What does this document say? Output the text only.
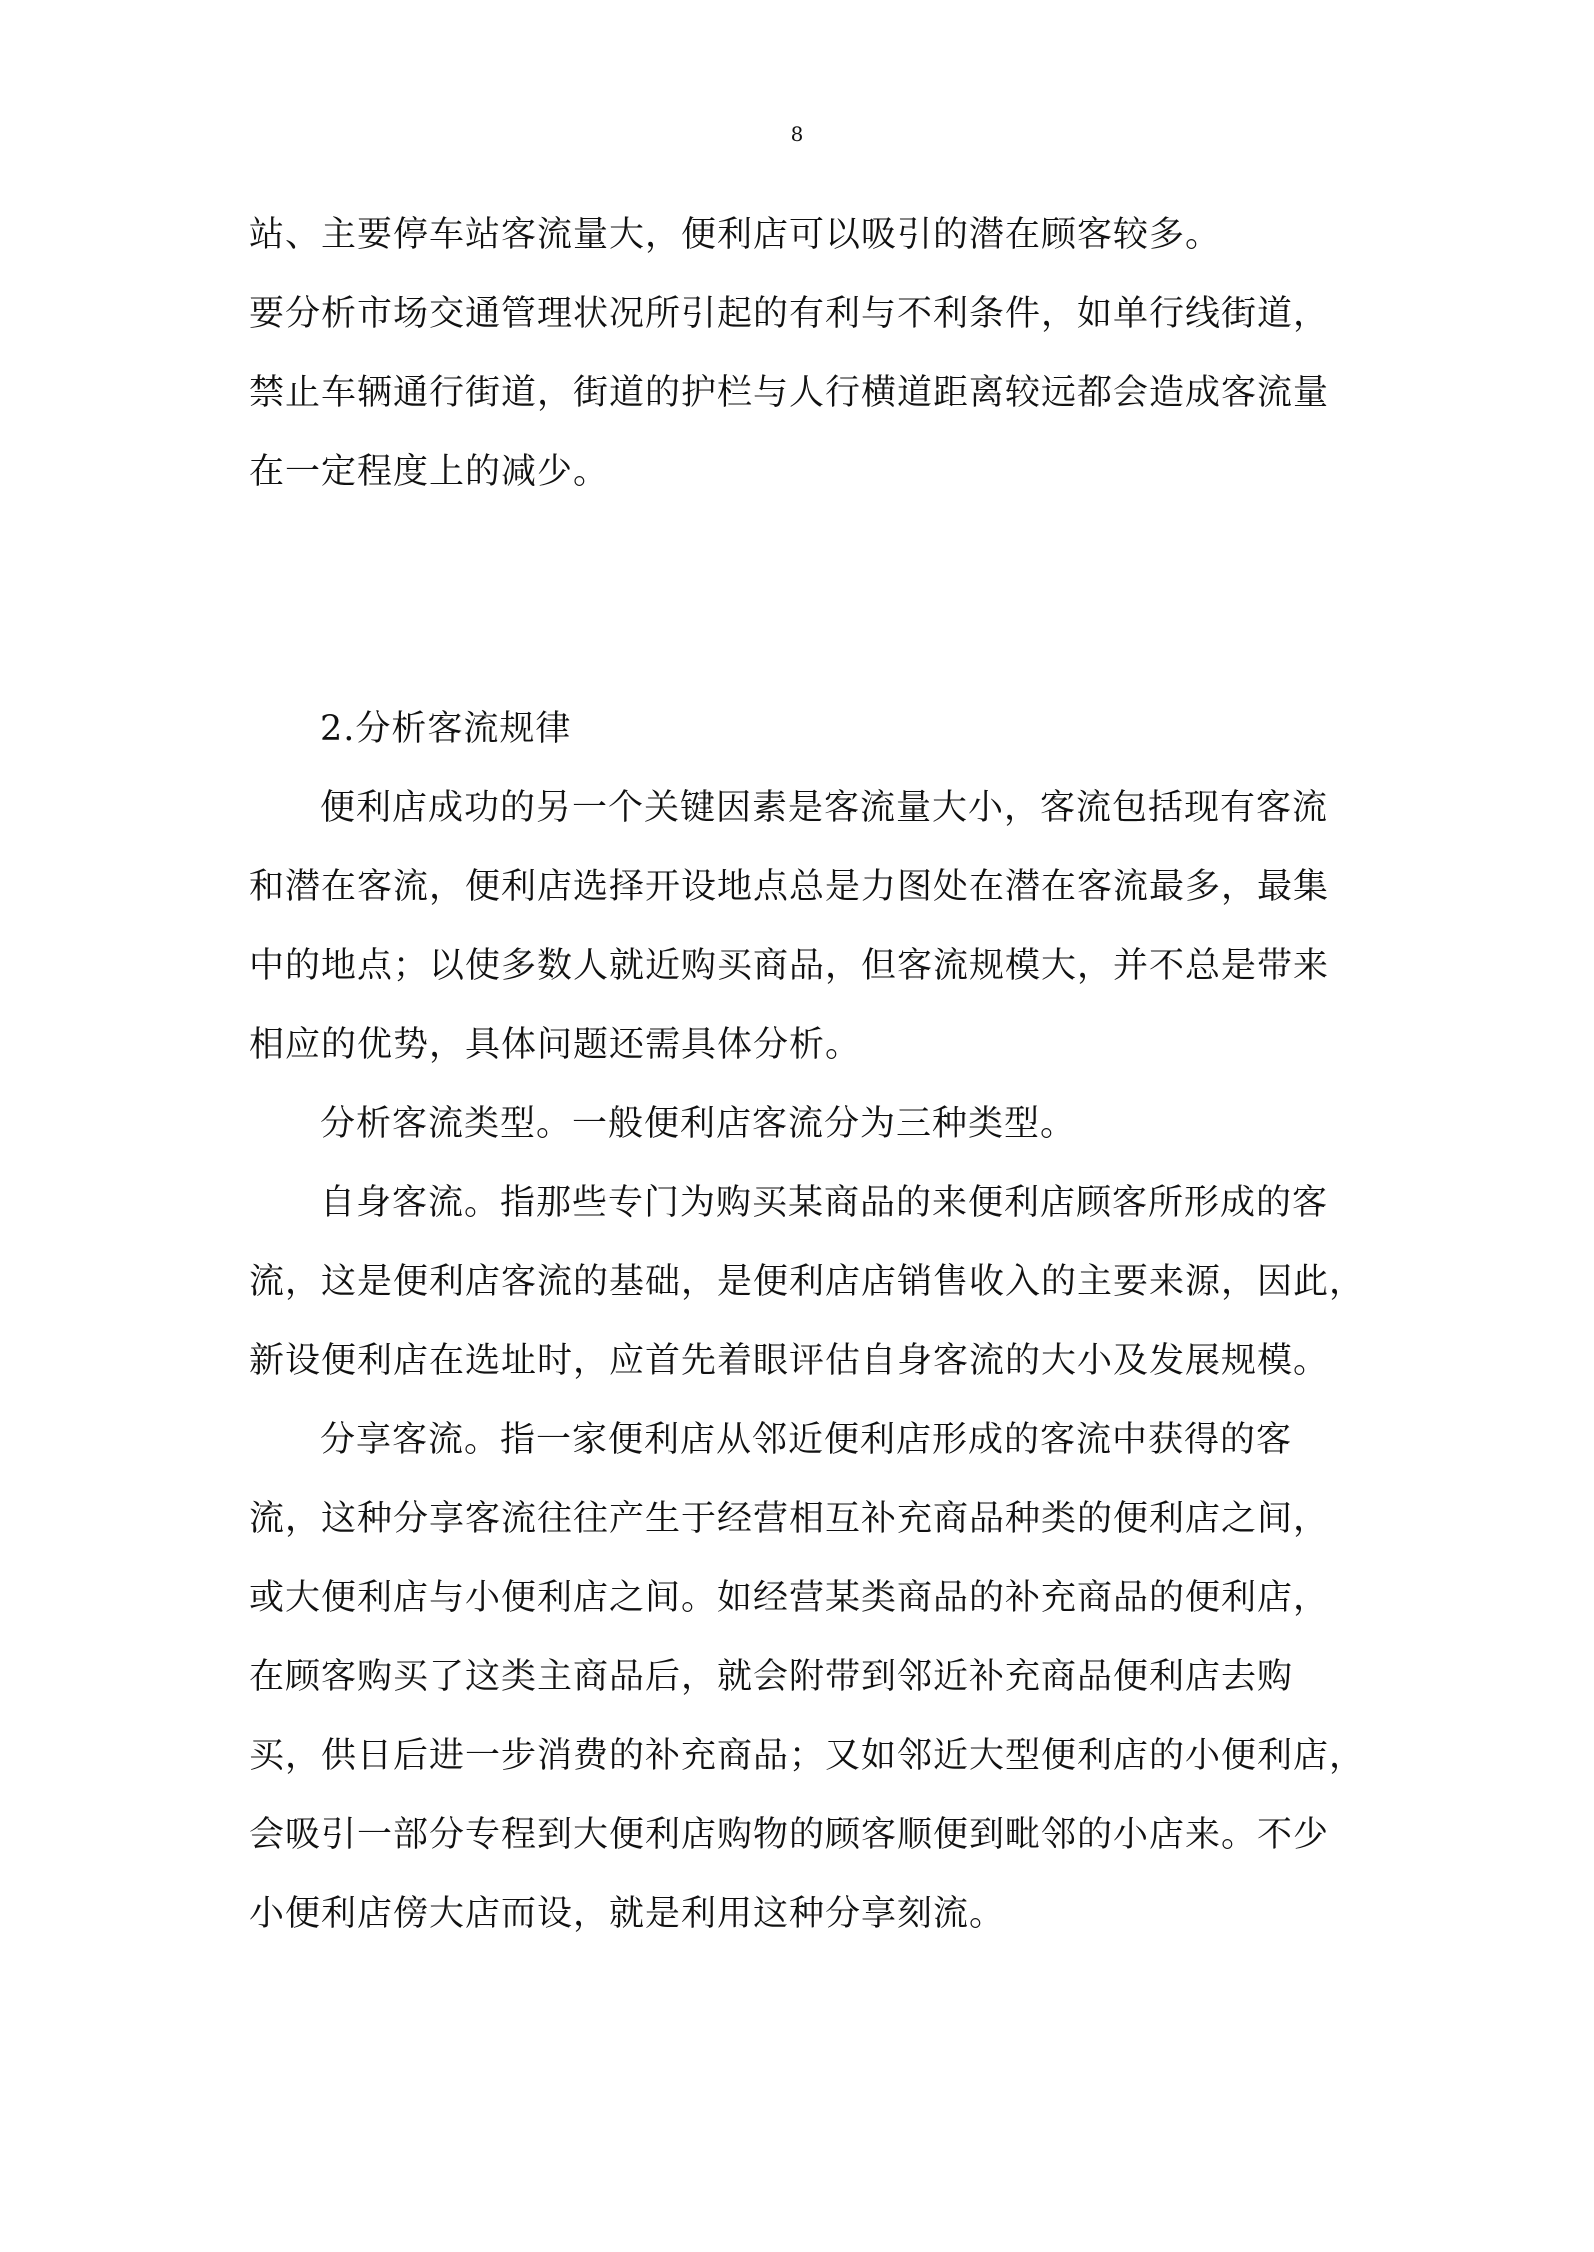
8
站、主要停车站客流量大，便利店可以吸引的潜在顾客较多。
要分析市场交通管理状况所引起的有利与不利条件，如单行线街道，
禁止车辆通行街道，街道的护栏与人行横道距离较远都会造成客流量
在一定程度上的减少。
2.分析客流规律
便利店成功的另一个关键因素是客流量大小，客流包括现有客流
和潜在客流，便利店选择开设地点总是力图处在潜在客流最多，最集
中的地点；以使多数人就近购买商品，但客流规模大，并不总是带来
相应的优势，具体问题还需具体分析。
分析客流类型。一般便利店客流分为三种类型。
自身客流。指那些专门为购买某商品的来便利店顾客所形成的客
流，这是便利店客流的基础，是便利店店销售收入的主要来源，因此，
新设便利店在选址时，应首先着眼评估自身客流的大小及发展规模。
分享客流。指一家便利店从邻近便利店形成的客流中获得的客
流，这种分享客流往往产生于经营相互补充商品种类的便利店之间，
或大便利店与小便利店之间。如经营某类商品的补充商品的便利店，
在顾客购买了这类主商品后，就会附带到邻近补充商品便利店去购
买，供日后进一步消费的补充商品；又如邻近大型便利店的小便利店，
会吸引一部分专程到大便利店购物的顾客顺便到毗邻的小店来。不少
小便利店傍大店而设，就是利用这种分享刻流。
